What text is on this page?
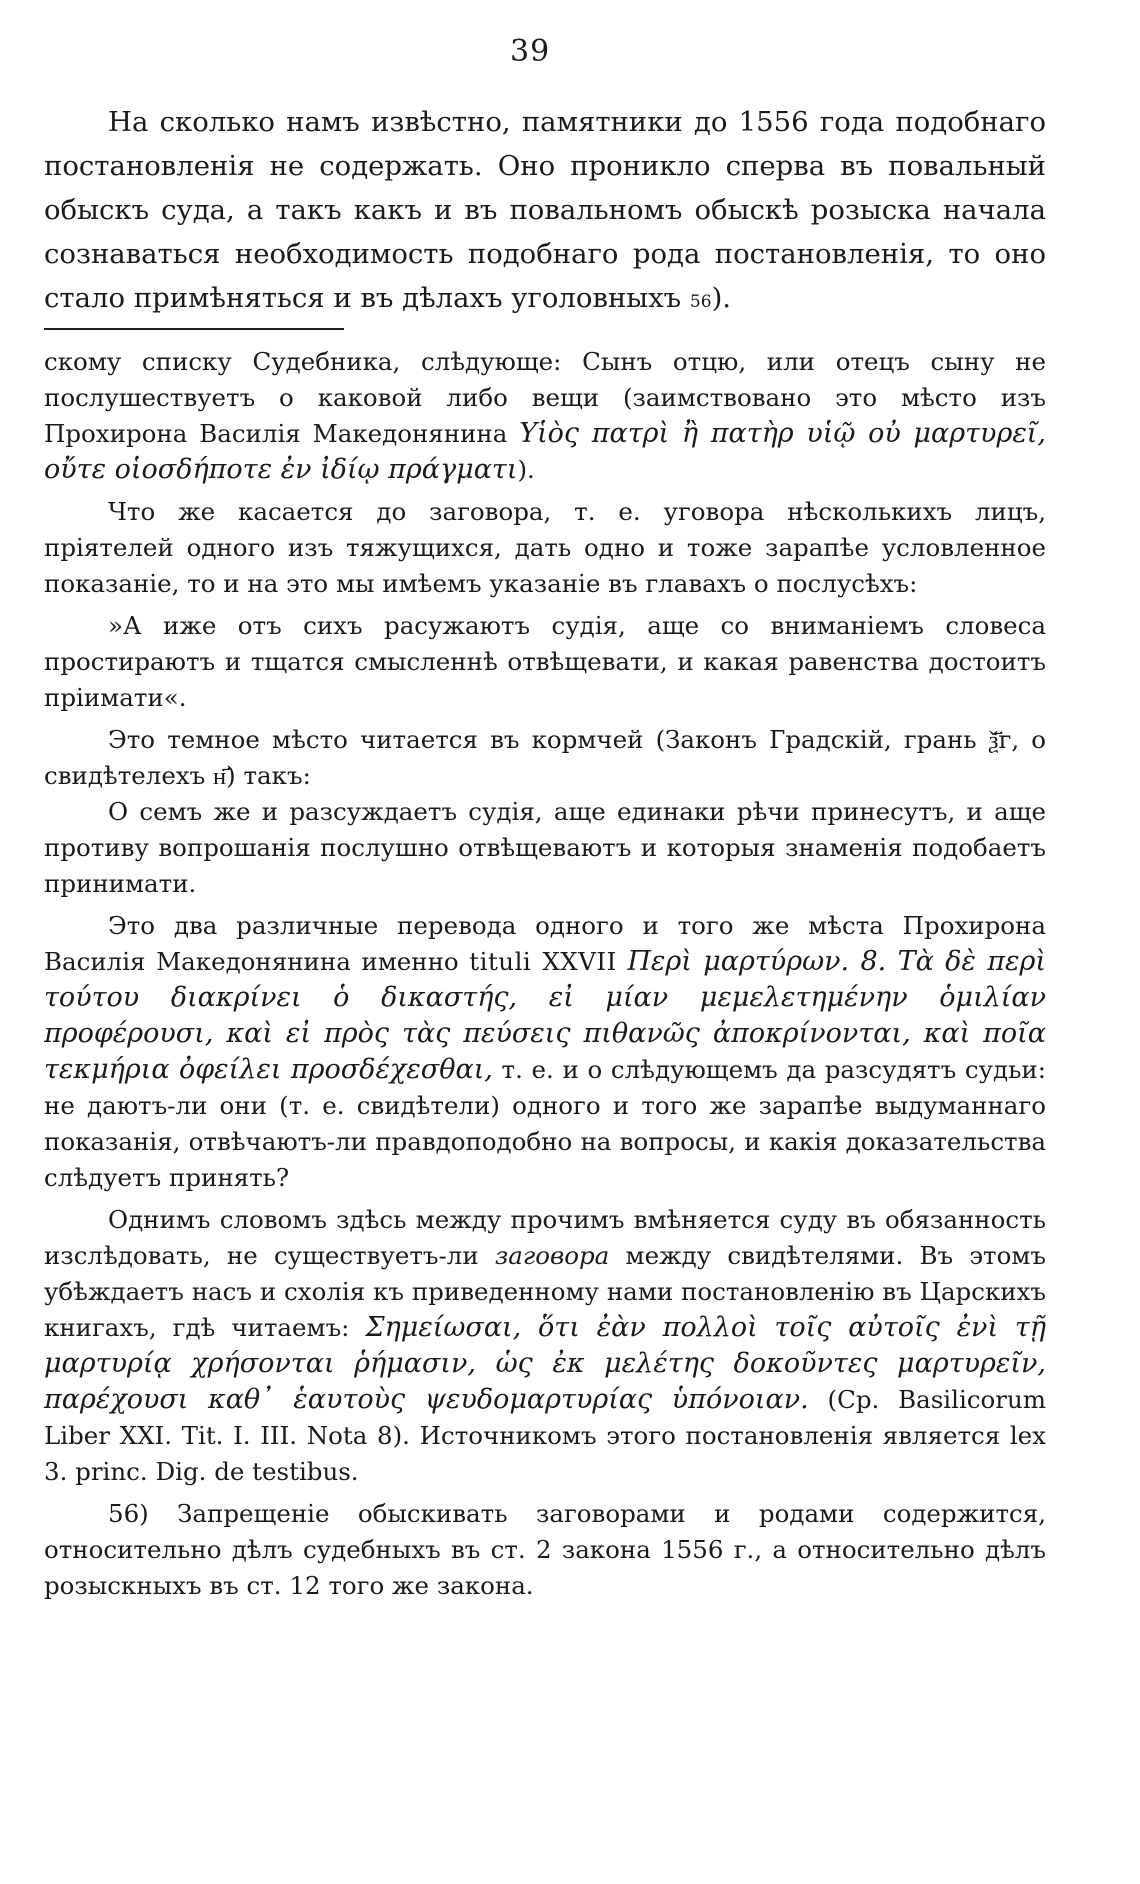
39

На сколько намъ извѣстно, памятники до 1556 года подобнаго постановленія не содержать. Оно проникло сперва въ повальный обыскъ суда, а такъ какъ и въ повальномъ обыскѣ розыска начала сознаваться необходимость подобнаго рода постановленія, то оно стало примѣняться и въ дѣлахъ уголовныхъ 56).

скому списку Судебника, слѣдующе: Сынъ отцю, или отецъ сыну не послушествуетъ о каковой либо вещи (заимствовано это мѣсто изъ Прохирона Василія Македонянина Υἱὸς πατρὶ ἢ πατὴρ υἱῷ οὐ μαρτυρεῖ, οὔτε οἱοσδήποτε ἐν ἰδίῳ πράγματι).

Что же касается до заговора, т. е. уговора нѣсколькихъ лицъ, пріятелей одного изъ тяжущихся, дать одно и тоже зарапѣе условленное показаніе, то и на это мы имѣемъ указаніе въ главахъ о послусѣхъ:

»А иже отъ сихъ расужаютъ судія, аще со вниманіемъ словеса простираютъ и тщатся смысленнѣ отвѣщевати, и какая равенства достоитъ пріимати«.

Это темное мѣсто читается въ кормчей (Законъ Градскій, грань ѯ҃г, о свидѣтелехъ н҃) такъ:

О семъ же и разсуждаетъ судія, аще единаки рѣчи принесутъ, и аще противу вопрошанія послушно отвѣщеваютъ и которыя знаменія подобаетъ принимати.

Это два различные перевода одного и того же мѣста Прохирона Василія Македонянина именно tituli XXVII Περὶ μαρτύρων. 8. Τὰ δὲ περὶ τούτου διακρίνει ὁ δικαστής, εἰ μίαν μεμελετημένην ὁμιλίαν προφέρουσι, καὶ εἰ πρὸς τὰς πεύσεις πιθανῶς ἀποκρίνονται, καὶ ποῖα τεκμήρια ὀφείλει προσδέχεσθαι, т. е. и о слѣдующемъ да разсудятъ судьи: не даютъ-ли они (т. е. свидѣтели) одного и того же зарапѣе выдуманнаго показанія, отвѣчаютъ-ли правдоподобно на вопросы, и какія доказательства слѣдуетъ принять?

Однимъ словомъ здѣсь между прочимъ вмѣняется суду въ обязанность изслѣдовать, не существуетъ-ли заговора между свидѣтелями. Въ этомъ убѣждаетъ насъ и схолія къ приведенному нами постановленію въ Царскихъ книгахъ, гдѣ читаемъ: Σημείωσαι, ὅτι ἐὰν πολλοὶ τοῖς αὐτοῖς ἐνὶ τῇ μαρτυρίᾳ χρήσονται ῥήμασιν, ὡς ἐκ μελέτης δοκοῦντες μαρτυρεῖν, παρέχουσι καθ᾽ ἑαυτοὺς ψευδομαρτυρίας ὑπόνοιαν. (Ср. Basilicorum Liber XXI. Tit. I. III. Nota 8). Источникомъ этого постановленія является lex 3. princ. Dig. de testibus.

56) Запрещеніе обыскивать заговорами и родами содержится, относительно дѣлъ судебныхъ въ ст. 2 закона 1556 г., а относительно дѣлъ розыскныхъ въ ст. 12 того же закона.
